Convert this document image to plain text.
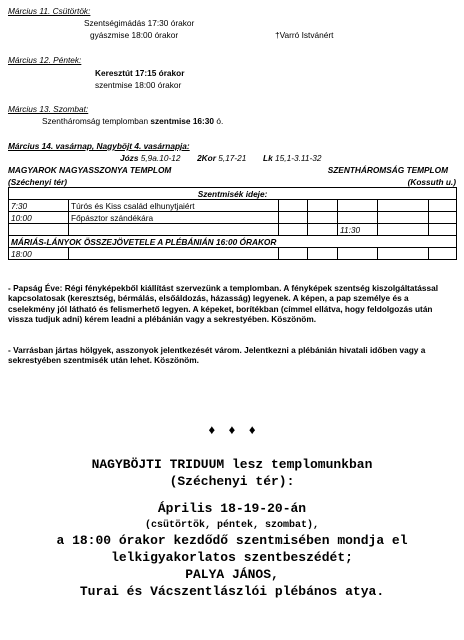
Március 11. Csütörtök:
Szentségimádás 17:30 órakor
gyászmise 18:00 órakor	†Varró Istvánért
Március 12. Péntek:
Keresztút 17:15 órakor
szentmise 18:00 órakor
Március 13. Szombat:
Szentháromság templomban szentmise 16:30 ó.
Március 14. vasárnap, Nagyböjt 4. vasárnapja:
Józs 5,9a.10-12 2Kor 5,17-21 Lk 15,1-3.11-32
MAGYAROK NAGYASSZONYA TEMPLOM
(Széchenyi tér)
SZENTHÁROMSÁG TEMPLOM
(Kossuth u.)
Szentmisék ideje:						
7:30	Túrós és Kiss család elhunytjaiért					
10:00	Főpásztor szándékára					
				11:30		
MÁRIÁS-LÁNYOK ÖSSZEJÖVETELE A PLÉBÁNIÁN 16:00 ÓRAKOR						
18:00						
- Papság Éve: Régi fényképekből kiállítást szervezünk a templomban. A fényképek szentség kiszolgáltatással kapcsolatosak (keresztség, bérmálás, elsőáldozás, házasság) legyenek. A képen, a pap személye és a cselekmény jól látható és felismerhető legyen. A képeket, borítékban (címmel ellátva, hogy feldolgozás után vissza tudjuk adni) kérem leadni a plébánián vagy a sekrestyében. Köszönöm.
- Varrásban jártas hölgyek, asszonyok jelentkezését várom. Jelentkezni a plébánián hivatali időben vagy a sekrestyében szentmisék után lehet. Köszönöm.
♦ ♦ ♦
NAGYBÖJTI TRIDUUM lesz templomunkban
(Széchenyi tér):
Április 18-19-20-án
(csütörtök, péntek, szombat),
a 18:00 órakor kezdődő szentmisében mondja el
lelkigyakorlatos szentbeszédét;
PALYA JÁNOS,
Turai és Vácszentlászlói plébános atya.
